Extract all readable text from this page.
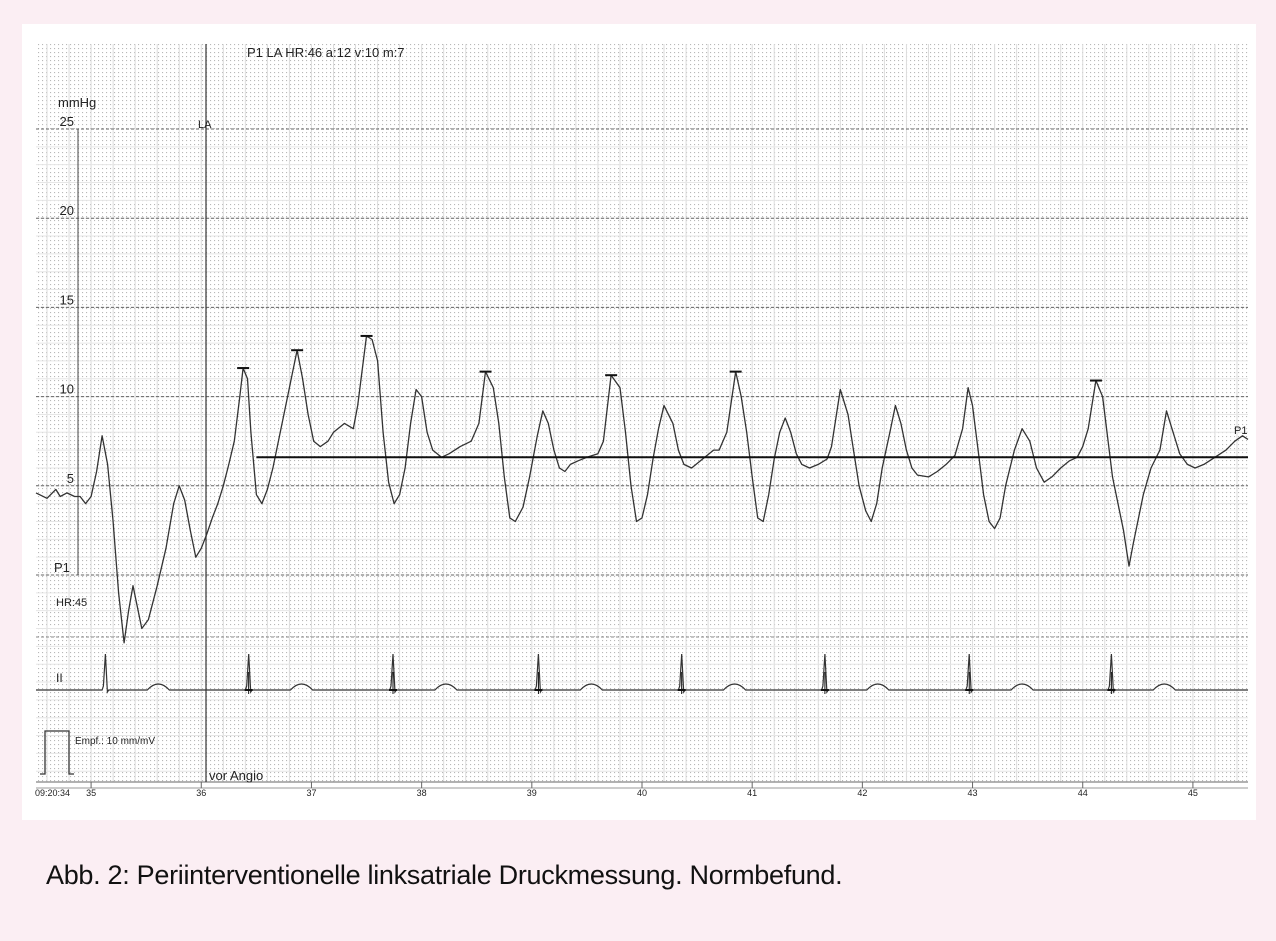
25
20
15
10
5
35	36	37	38	39	40	41	42	43	44	45
P1 LA HR:46 a:12 v:10 m:7
mmHg
P1
HR:45
II
LA
vor Angio
Empf.: 10 mm/mV
P1
09:20:34
Abb. 2: Periinterventionelle linksatriale Druckmessung. Normbefund.
